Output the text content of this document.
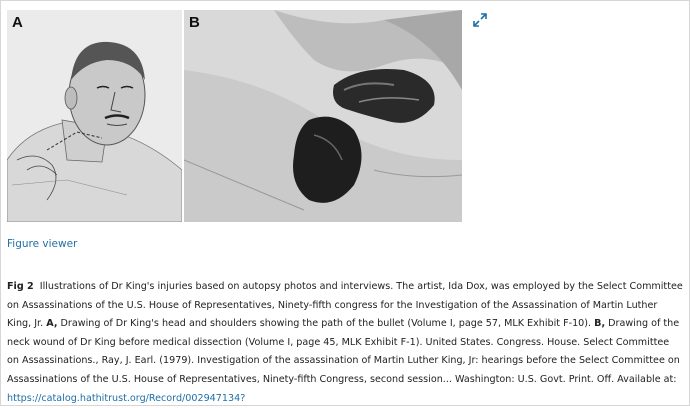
A	B
Figure viewer
Fig 2 Illustrations of Dr King's injuries based on autopsy photos and interviews. The artist, Ida Dox, was employed by the Select Committee on Assassinations of the U.S. House of Representatives, Ninety-fifth congress for the Investigation of the Assassination of Martin Luther King, Jr. A, Drawing of Dr King's head and shoulders showing the path of the bullet (Volume I, page 57, MLK Exhibit F-10). B, Drawing of the neck wound of Dr King before medical dissection (Volume I, page 45, MLK Exhibit F-1). United States. Congress. House. Select Committee on Assassinations., Ray, J. Earl. (1979). Investigation of the assassination of Martin Luther King, Jr: hearings before the Select Committee on Assassinations of the U.S. House of Representatives, Ninety-fifth Congress, second session... Washington: U.S. Govt. Print. Off. Available at: https://catalog.hathitrust.org/Record/002947134?
